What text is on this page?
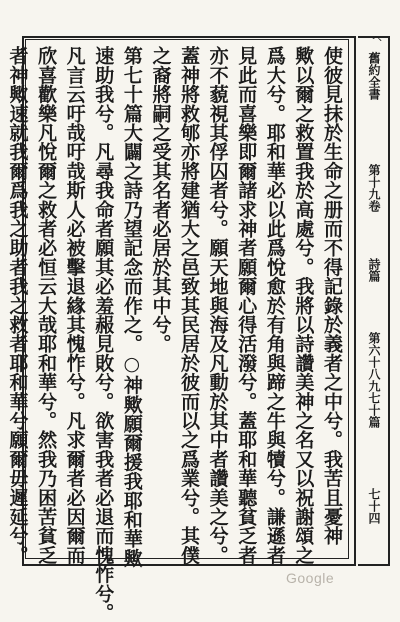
舊約全書
第十九卷
詩篇
第六十八九七十篇
七十四
使彼見抹於生命之册而不得記錄於義者之中兮。我苦且憂神
歟以爾之救置我於高處兮。我將以詩讚美神之名又以祝謝頌之
爲大兮。耶和華必以此爲悅愈於有角與蹄之牛與犢兮。謙遜者
見此而喜樂即爾諸求神者願爾心得活潑兮。蓋耶和華聽貧乏者
亦不藐視其俘囚者兮。願天地與海及凡動於其中者讚美之兮。
蓋神將救郇亦將建猶大之邑致其民居於彼而以之爲業兮。其僕
之裔將嗣之受其名者必居於其中兮。
第七十篇大闢之詩乃望記念而作之。○神歟願爾援我耶和華歟
速助我兮。凡尋我命者願其必羞赧見敗兮。欲害我者必退而愧怍兮。
凡言云吁哉吁哉斯人必被擊退緣其愧怍兮。凡求爾者必因爾而
欣喜歡樂凡悅爾之救者必恒云大哉耶和華兮。然我乃困苦貧乏
者神歟速就我爾爲我之助者我之救者耶和華兮願爾毋遲延兮。
ヘ
Google
